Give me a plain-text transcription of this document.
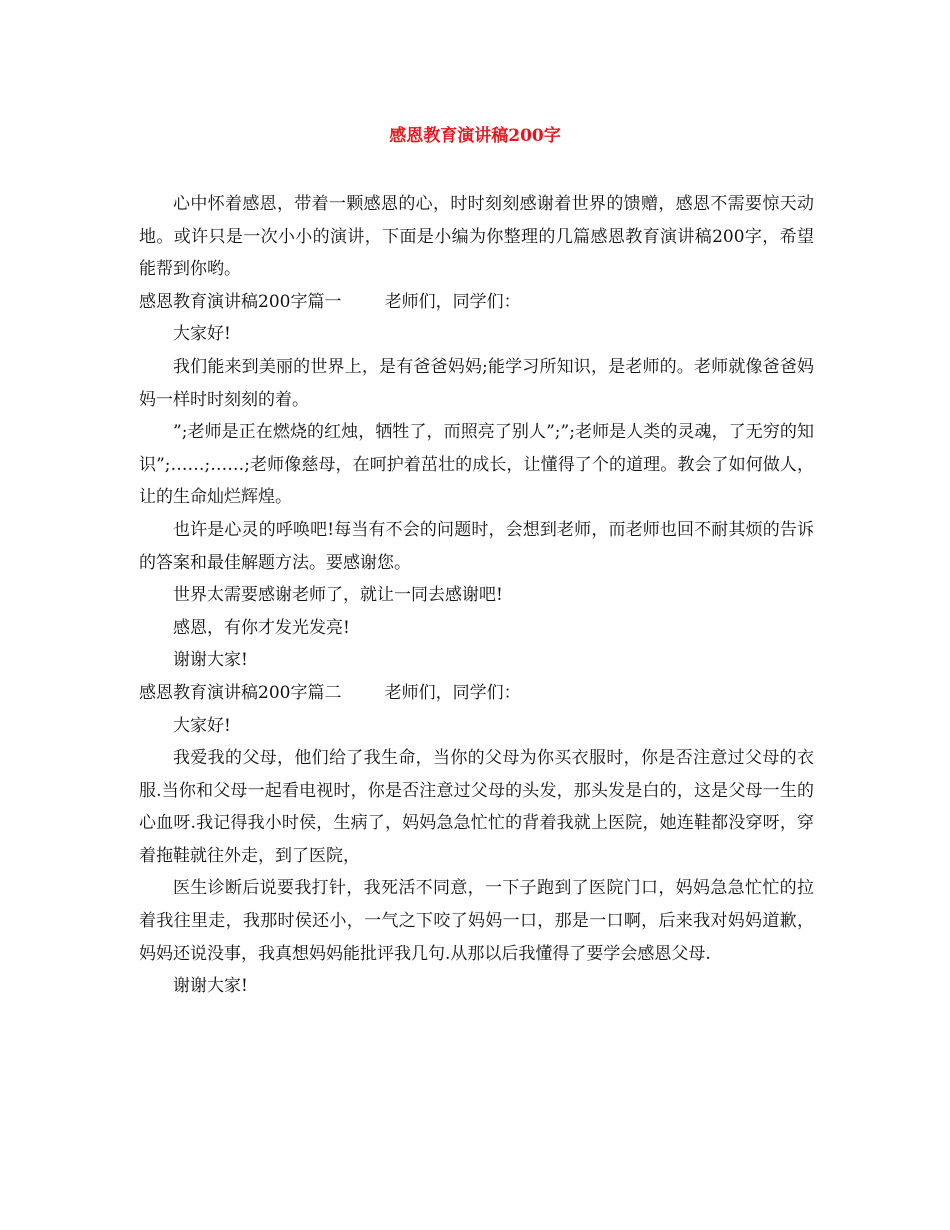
感恩教育演讲稿200字

心中怀着感恩，带着一颗感恩的心，时时刻刻感谢着世界的馈赠，感恩不需要惊天动地。或许只是一次小小的演讲，下面是小编为你整理的几篇感恩教育演讲稿200字，希望能帮到你哟。

感恩教育演讲稿200字篇一        老师们，同学们：

大家好!

我们能来到美丽的世界上，是有爸爸妈妈;能学习所知识，是老师的。老师就像爸爸妈妈一样时时刻刻的着。

”;老师是正在燃烧的红烛，牺牲了，而照亮了别人”;”;老师是人类的灵魂，了无穷的知识”;……;……;老师像慈母，在呵护着茁壮的成长，让懂得了个的道理。教会了如何做人，让的生命灿烂辉煌。

也许是心灵的呼唤吧!每当有不会的问题时，会想到老师，而老师也回不耐其烦的告诉的答案和最佳解题方法。要感谢您。

世界太需要感谢老师了，就让一同去感谢吧!

感恩，有你才发光发亮!

谢谢大家!

感恩教育演讲稿200字篇二        老师们，同学们：

大家好!

我爱我的父母，他们给了我生命，当你的父母为你买衣服时，你是否注意过父母的衣服.当你和父母一起看电视时，你是否注意过父母的头发，那头发是白的，这是父母一生的心血呀.我记得我小时侯，生病了，妈妈急急忙忙的背着我就上医院，她连鞋都没穿呀，穿着拖鞋就往外走，到了医院，

医生诊断后说要我打针，我死活不同意，一下子跑到了医院门口，妈妈急急忙忙的拉着我往里走，我那时侯还小，一气之下咬了妈妈一口，那是一口啊，后来我对妈妈道歉，妈妈还说没事，我真想妈妈能批评我几句.从那以后我懂得了要学会感恩父母.

谢谢大家!
